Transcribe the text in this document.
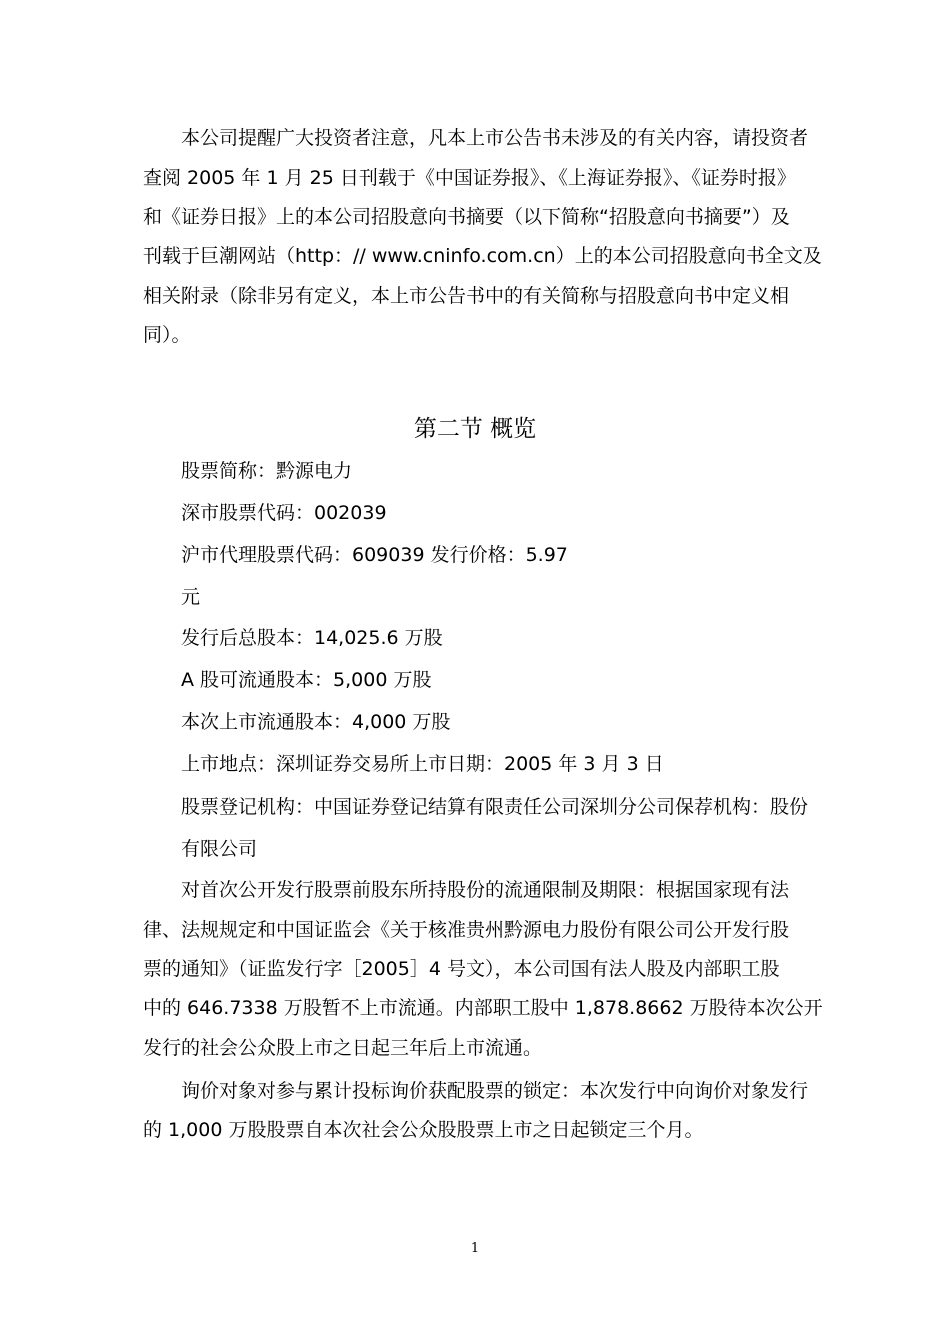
本公司提醒广大投资者注意，凡本上市公告书未涉及的有关内容，请投资者
查阅 2005 年 1 月 25 日刊载于《中国证券报》、《上海证券报》、《证券时报》
和《证券日报》上的本公司招股意向书摘要（以下简称“招股意向书摘要”）及
刊载于巨潮网站（http：// www.cninfo.com.cn）上的本公司招股意向书全文及
相关附录（除非另有定义，本上市公告书中的有关简称与招股意向书中定义相
同）。
第二节 概览
股票简称：黔源电力
深市股票代码：002039
沪市代理股票代码：609039 发行价格：5.97
元
发行后总股本：14,025.6 万股
A 股可流通股本：5,000 万股
本次上市流通股本：4,000 万股
上市地点：深圳证券交易所上市日期：2005 年 3 月 3 日
股票登记机构：中国证券登记结算有限责任公司深圳分公司保荐机构：股份
有限公司
对首次公开发行股票前股东所持股份的流通限制及期限：根据国家现有法
律、法规规定和中国证监会《关于核准贵州黔源电力股份有限公司公开发行股
票的通知》（证监发行字［2005］4 号文），本公司国有法人股及内部职工股
中的 646.7338 万股暂不上市流通。内部职工股中 1,878.8662 万股待本次公开
发行的社会公众股上市之日起三年后上市流通。
询价对象对参与累计投标询价获配股票的锁定：本次发行中向询价对象发行
的 1,000 万股股票自本次社会公众股股票上市之日起锁定三个月。
1
